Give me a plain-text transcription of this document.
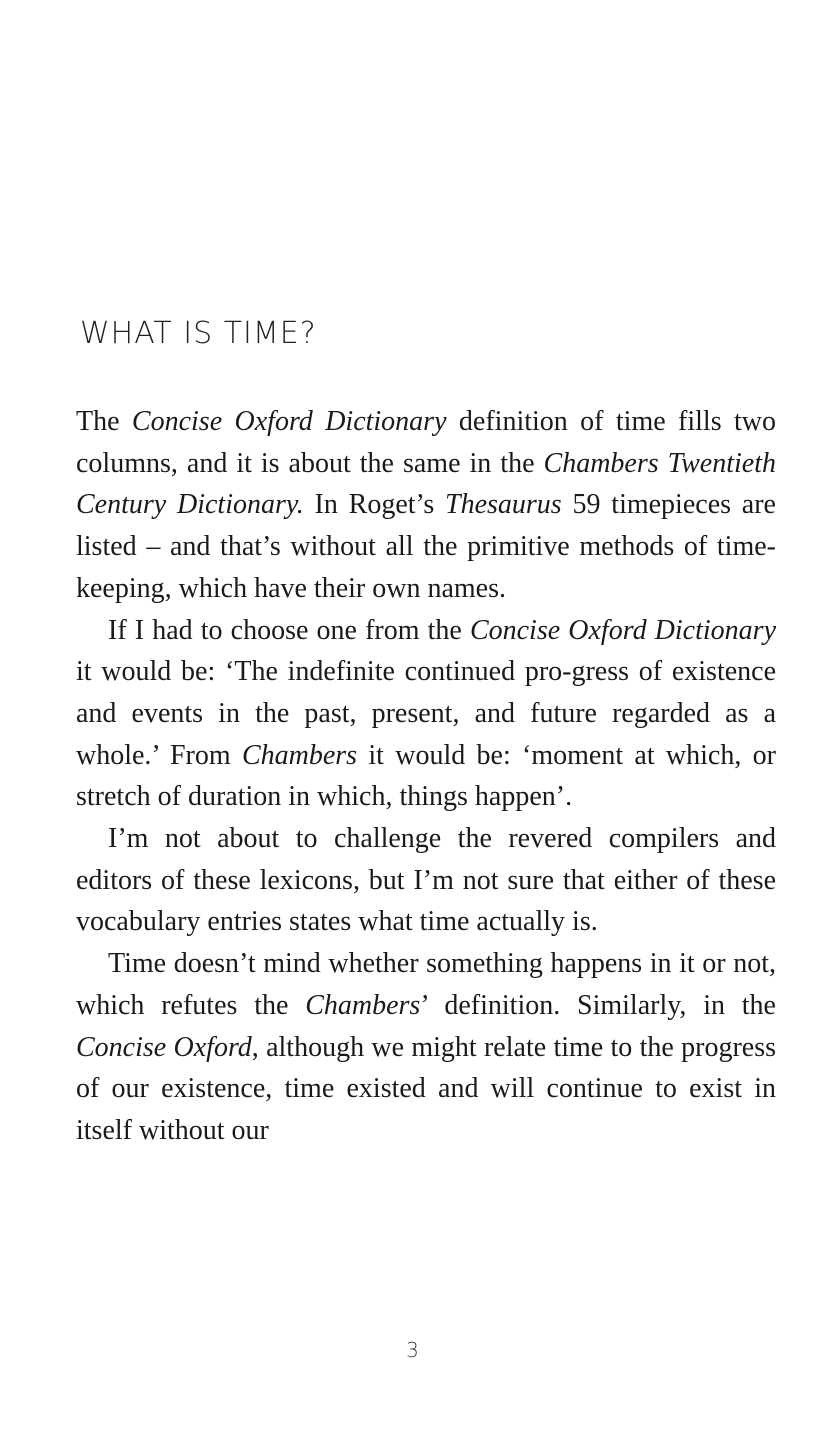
WHAT IS TIME?

The Concise Oxford Dictionary definition of time fills two columns, and it is about the same in the Chambers Twentieth Century Dictionary. In Roget’s Thesaurus 59 timepieces are listed – and that’s without all the primitive methods of time-keeping, which have their own names.

If I had to choose one from the Concise Oxford Dictionary it would be: ‘The indefinite continued pro-gress of existence and events in the past, present, and future regarded as a whole.’ From Chambers it would be: ‘moment at which, or stretch of duration in which, things happen’.

I’m not about to challenge the revered compilers and editors of these lexicons, but I’m not sure that either of these vocabulary entries states what time actually is.

Time doesn’t mind whether something happens in it or not, which refutes the Chambers’ definition. Similarly, in the Concise Oxford, although we might relate time to the progress of our existence, time existed and will continue to exist in itself without our

3
